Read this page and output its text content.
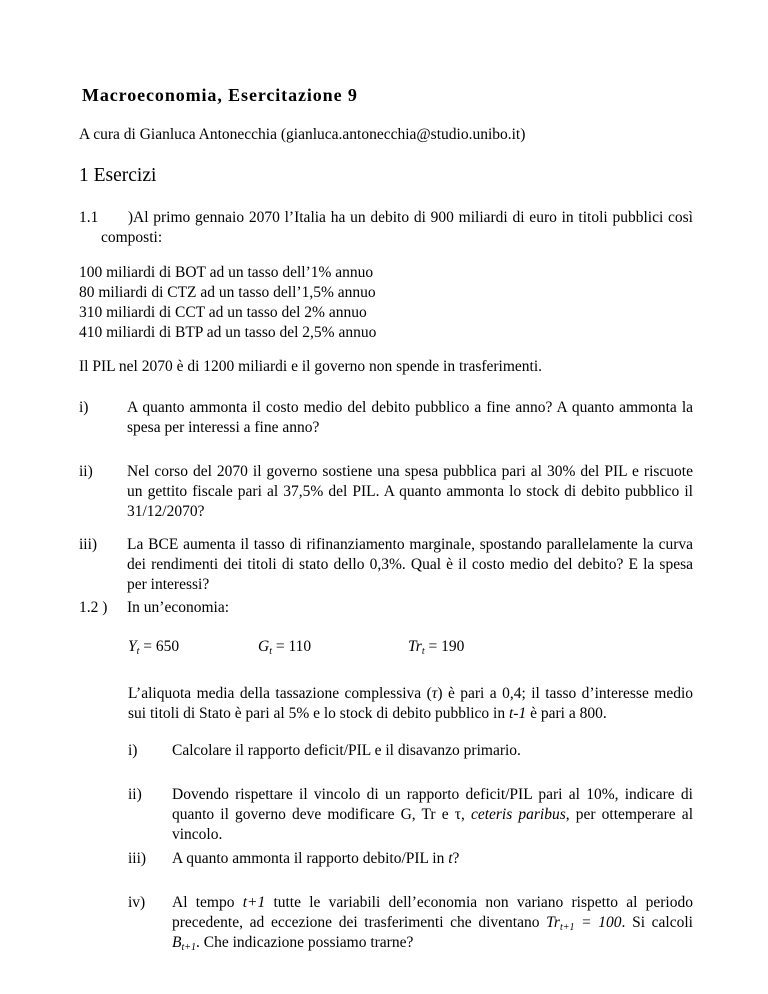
Macroeconomia, Esercitazione 9
A cura di Gianluca Antonecchia (gianluca.antonecchia@studio.unibo.it)
1 Esercizi
1.1 )Al primo gennaio 2070 l’Italia ha un debito di 900 miliardi di euro in titoli pubblici così
composti:
100 miliardi di BOT ad un tasso dell’1% annuo
80 miliardi di CTZ ad un tasso dell’1,5% annuo
310 miliardi di CCT ad un tasso del 2% annuo
410 miliardi di BTP ad un tasso del 2,5% annuo
Il PIL nel 2070 è di 1200 miliardi e il governo non spende in trasferimenti.
i) A quanto ammonta il costo medio del debito pubblico a fine anno? A quanto ammonta la spesa per interessi a fine anno?
ii) Nel corso del 2070 il governo sostiene una spesa pubblica pari al 30% del PIL e riscuote un gettito fiscale pari al 37,5% del PIL. A quanto ammonta lo stock di debito pubblico il 31/12/2070?
iii) La BCE aumenta il tasso di rifinanziamento marginale, spostando parallelamente la curva dei rendimenti dei titoli di stato dello 0,3%. Qual è il costo medio del debito? E la spesa per interessi?
1.2 ) In un’economia:
$Y_t = 650$	$G_t = 110$	$Tr_t = 190$
L’aliquota media della tassazione complessiva (τ) è pari a 0,4; il tasso d’interesse medio sui titoli di Stato è pari al 5% e lo stock di debito pubblico in t-1 è pari a 800.
i) Calcolare il rapporto deficit/PIL e il disavanzo primario.
ii) Dovendo rispettare il vincolo di un rapporto deficit/PIL pari al 10%, indicare di quanto il governo deve modificare G, Tr e τ, ceteris paribus, per ottemperare al vincolo.
iii) A quanto ammonta il rapporto debito/PIL in t?
iv) Al tempo t+1 tutte le variabili dell’economia non variano rispetto al periodo precedente, ad eccezione dei trasferimenti che diventano $Tr_{t+1} = 100$. Si calcoli $B_{t+1}$. Che indicazione possiamo trarne?
